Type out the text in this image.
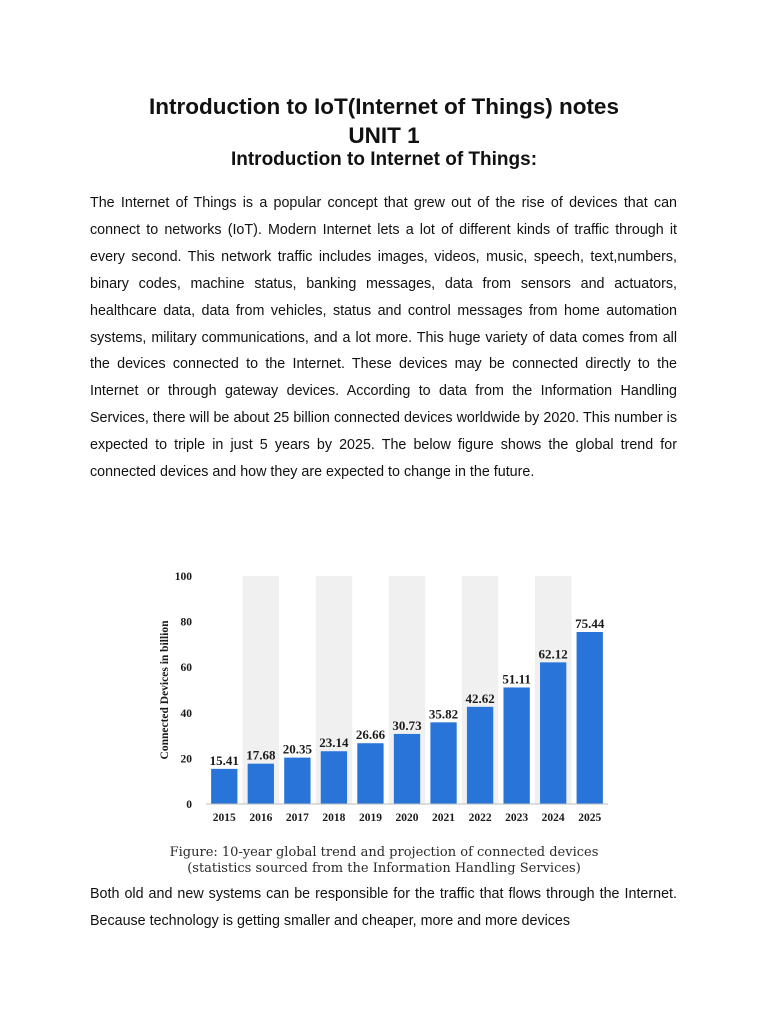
Introduction to IoT(Internet of Things) notes
UNIT 1
Introduction to Internet of Things:

The Internet of Things is a popular concept that grew out of the rise of devices that can connect to networks (IoT). Modern Internet lets a lot of different kinds of traffic through it every second. This network traffic includes images, videos, music, speech, text,numbers, binary codes, machine status, banking messages, data from sensors and actuators, healthcare data, data from vehicles, status and control messages from home automation systems, military communications, and a lot more. This huge variety of data comes from all the devices connected to the Internet. These devices may be connected directly to the Internet or through gateway devices. According to data from the Information Handling Services, there will be about 25 billion connected devices worldwide by 2020. This number is expected to triple in just 5 years by 2025. The below figure shows the global trend for connected devices and how they are expected to change in the future.

0
20
40
60
80
100
Connected Devices in billion
15.41
2015
17.68
2016
20.35
2017
23.14
2018
26.66
2019
30.73
2020
35.82
2021
42.62
2022
51.11
2023
62.12
2024
75.44
2025
Figure: 10-year global trend and projection of connected devices
(statistics sourced from the Information Handling Services)

Both old and new systems can be responsible for the traffic that flows through the Internet. Because technology is getting smaller and cheaper, more and more devices
